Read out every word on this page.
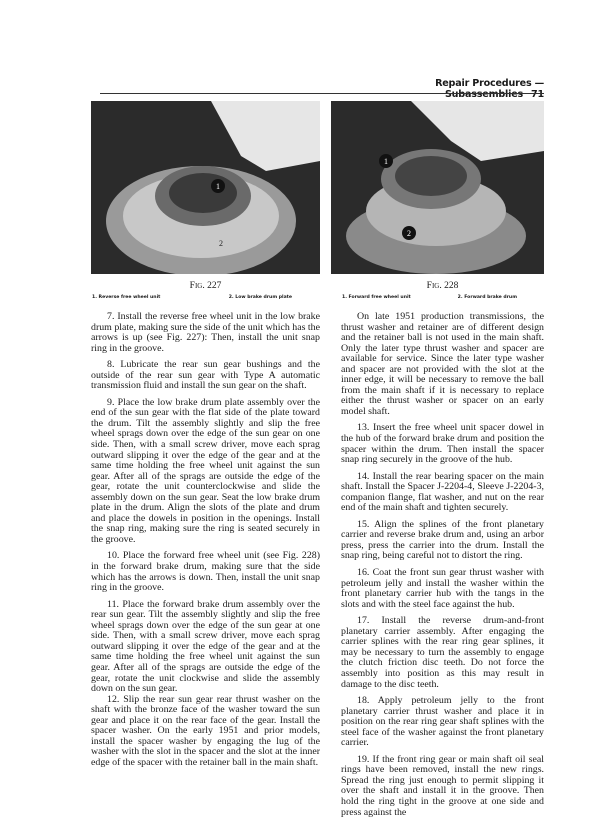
Repair Procedures — Subassemblies 71
1
2
1
2
Fig. 227	Fig. 228
1. Reverse free wheel unit	2. Low brake drum plate	1. Forward free wheel unit	2. Forward brake drum

7. Install the reverse free wheel unit in the low brake drum plate, making sure the side of the unit which has the arrows is up (see Fig. 227): Then, install the unit snap ring in the groove.

8. Lubricate the rear sun gear bushings and the outside of the rear sun gear with Type A automatic transmission fluid and install the sun gear on the shaft.

9. Place the low brake drum plate assembly over the end of the sun gear with the flat side of the plate toward the drum. Tilt the assembly slightly and slip the free wheel sprags down over the edge of the sun gear on one side. Then, with a small screw driver, move each sprag outward slipping it over the edge of the gear and at the same time holding the free wheel unit against the sun gear. After all of the sprags are outside the edge of the gear, rotate the unit counterclockwise and slide the assembly down on the sun gear. Seat the low brake drum plate in the drum. Align the slots of the plate and drum and place the dowels in position in the openings. Install the snap ring, making sure the ring is seated securely in the groove.

10. Place the forward free wheel unit (see Fig. 228) in the forward brake drum, making sure that the side which has the arrows is down. Then, install the unit snap ring in the groove.

11. Place the forward brake drum assembly over the rear sun gear. Tilt the assembly slightly and slip the free wheel sprags down over the edge of the sun gear at one side. Then, with a small screw driver, move each sprag outward slipping it over the edge of the gear and at the same time holding the free wheel unit against the sun gear. After all of the sprags are outside the edge of the gear, rotate the unit clockwise and slide the assembly down on the sun gear.

12. Slip the rear sun gear rear thrust washer on the shaft with the bronze face of the washer toward the sun gear and place it on the rear face of the gear. Install the spacer washer. On the early 1951 and prior models, install the spacer washer by engaging the lug of the washer with the slot in the spacer and the slot at the inner edge of the spacer with the retainer ball in the main shaft.

On late 1951 production transmissions, the thrust washer and retainer are of different design and the retainer ball is not used in the main shaft. Only the later type thrust washer and spacer are available for service. Since the later type washer and spacer are not provided with the slot at the inner edge, it will be necessary to remove the ball from the main shaft if it is necessary to replace either the thrust washer or spacer on an early model shaft.

13. Insert the free wheel unit spacer dowel in the hub of the forward brake drum and position the spacer within the drum. Then install the spacer snap ring securely in the groove of the hub.

14. Install the rear bearing spacer on the main shaft. Install the Spacer J-2204-4, Sleeve J-2204-3, companion flange, flat washer, and nut on the rear end of the main shaft and tighten securely.

15. Align the splines of the front planetary carrier and reverse brake drum and, using an arbor press, press the carrier into the drum. Install the snap ring, being careful not to distort the ring.

16. Coat the front sun gear thrust washer with petroleum jelly and install the washer within the front planetary carrier hub with the tangs in the slots and with the steel face against the hub.

17. Install the reverse drum-and-front planetary carrier assembly. After engaging the carrier splines with the rear ring gear splines, it may be necessary to turn the assembly to engage the clutch friction disc teeth. Do not force the assembly into position as this may result in damage to the disc teeth.

18. Apply petroleum jelly to the front planetary carrier thrust washer and place it in position on the rear ring gear shaft splines with the steel face of the washer against the front planetary carrier.

19. If the front ring gear or main shaft oil seal rings have been removed, install the new rings. Spread the ring just enough to permit slipping it over the shaft and install it in the groove. Then hold the ring tight in the groove at one side and press against the
